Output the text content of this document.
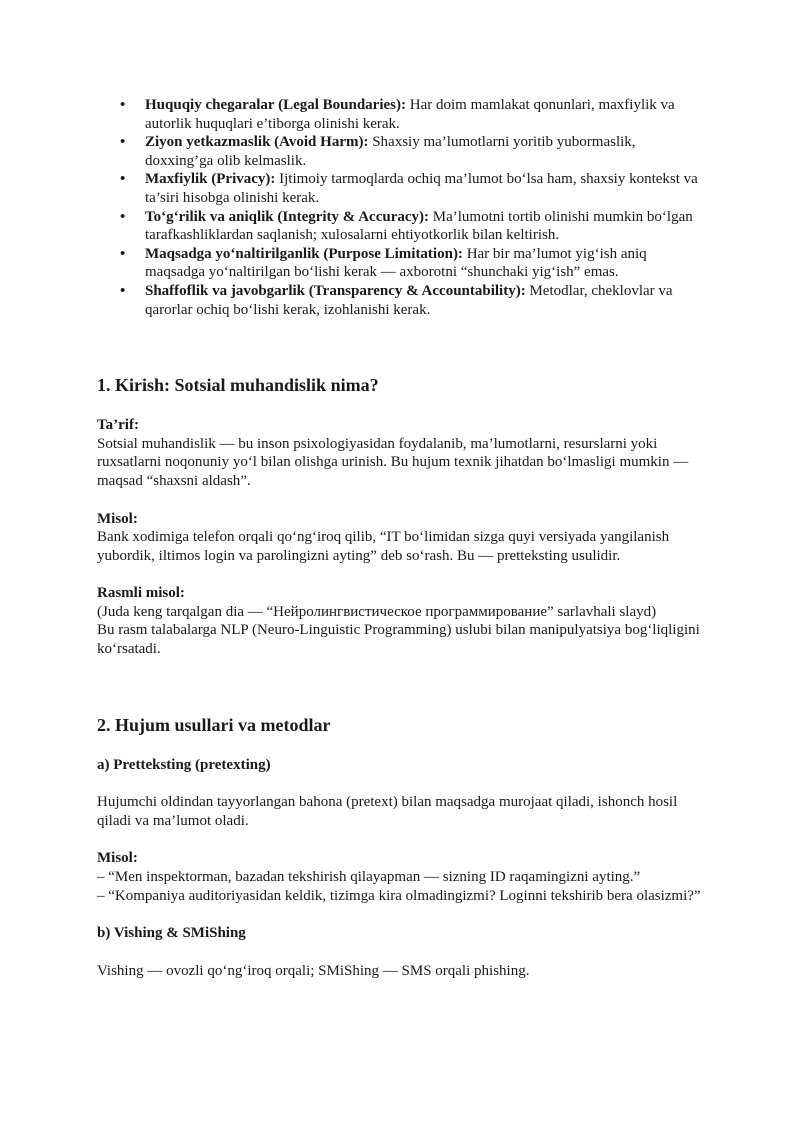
• Huquqiy chegaralar (Legal Boundaries): Har doim mamlakat qonunlari, maxfiylik va autorlik huquqlari e’tiborga olinishi kerak.
• Ziyon yetkazmaslik (Avoid Harm): Shaxsiy ma’lumotlarni yoritib yubormaslik, doxxing’ga olib kelmaslik.
• Maxfiylik (Privacy): Ijtimoiy tarmoqlarda ochiq ma’lumot bo‘lsa ham, shaxsiy kontekst va ta’siri hisobga olinishi kerak.
• To‘g‘rilik va aniqlik (Integrity & Accuracy): Ma’lumotni tortib olinishi mumkin bo‘lgan tarafkashliklardan saqlanish; xulosalarni ehtiyotkorlik bilan keltirish.
• Maqsadga yo‘naltirilganlik (Purpose Limitation): Har bir ma’lumot yig‘ish aniq maqsadga yo‘naltirilgan bo‘lishi kerak — axborotni “shunchaki yig‘ish” emas.
• Shaffoflik va javobgarlik (Transparency & Accountability): Metodlar, cheklovlar va qarorlar ochiq bo‘lishi kerak, izohlanishi kerak.
1. Kirish: Sotsial muhandislik nima?
Ta’rif:

Sotsial muhandislik — bu inson psixologiyasidan foydalanib, ma’lumotlarni, resurslarni yoki ruxsatlarni noqonuniy yo‘l bilan olishga urinish. Bu hujum texnik jihatdan bo‘lmasligi mumkin — maqsad “shaxsni aldash”.

Misol:

Bank xodimiga telefon orqali qo‘ng‘iroq qilib, “IT bo‘limidan sizga quyi versiyada yangilanish yubordik, iltimos login va parolingizni ayting” deb so‘rash. Bu — pretteksting usulidir.

Rasmli misol:

(Juda keng tarqalgan dia — “Нейролингвистическое программирование” sarlavhali slayd)

Bu rasm talabalarga NLP (Neuro-Linguistic Programming) uslubi bilan manipulyatsiya bog‘liqligini ko‘rsatadi.

2. Hujum usullari va metodlar
a) Pretteksting (pretexting)

Hujumchi oldindan tayyorlangan bahona (pretext) bilan maqsadga murojaat qiladi, ishonch hosil qiladi va ma’lumot oladi.

Misol:

– “Men inspektorman, bazadan tekshirish qilayapman — sizning ID raqamingizni ayting.”

– “Kompaniya auditoriyasidan keldik, tizimga kira olmadingizmi? Loginni tekshirib bera olasizmi?”

b) Vishing & SMiShing

Vishing — ovozli qo‘ng‘iroq orqali; SMiShing — SMS orqali phishing.
